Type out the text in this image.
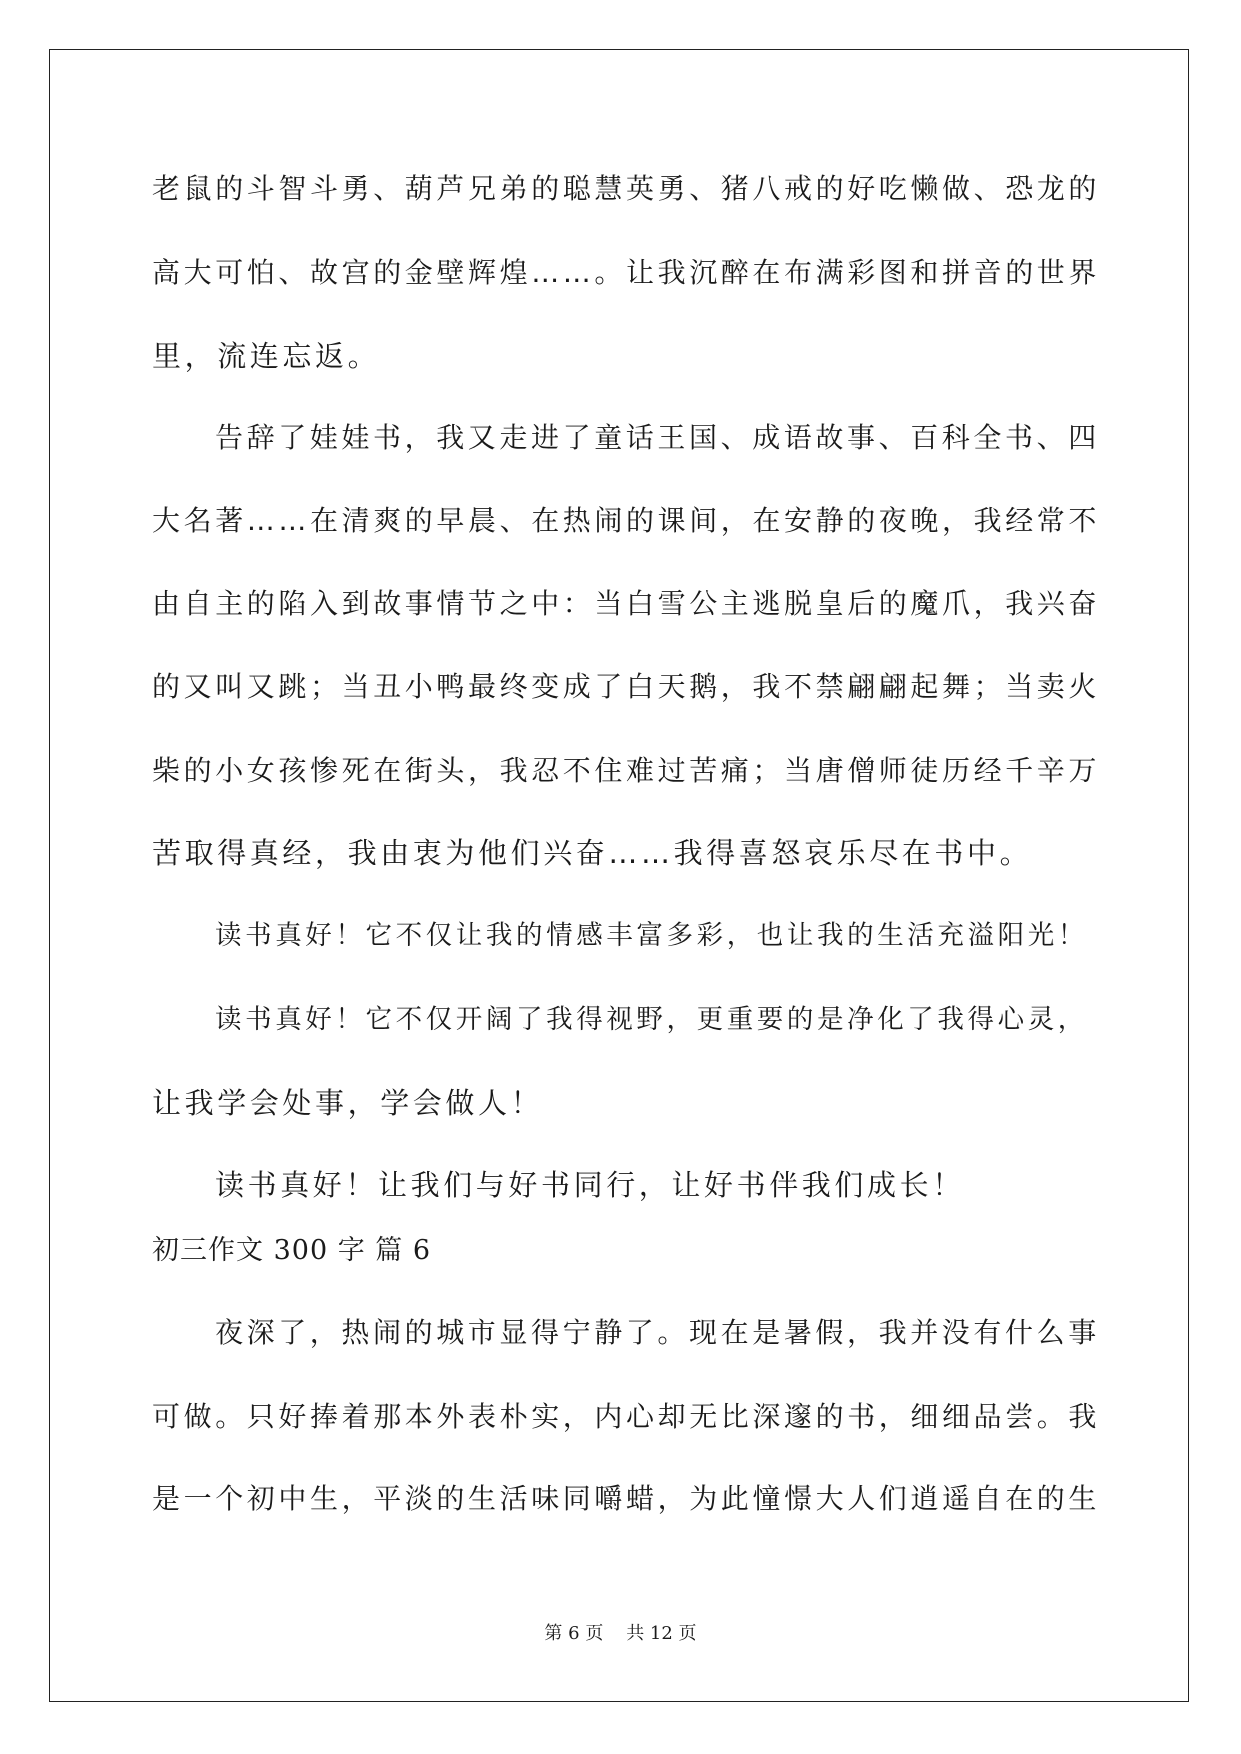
老鼠的斗智斗勇、葫芦兄弟的聪慧英勇、猪八戒的好吃懒做、恐龙的
高大可怕、故宫的金壁辉煌……。让我沉醉在布满彩图和拼音的世界
里，流连忘返。
告辞了娃娃书，我又走进了童话王国、成语故事、百科全书、四
大名著……在清爽的早晨、在热闹的课间，在安静的夜晚，我经常不
由自主的陷入到故事情节之中：当白雪公主逃脱皇后的魔爪，我兴奋
的又叫又跳；当丑小鸭最终变成了白天鹅，我不禁翩翩起舞；当卖火
柴的小女孩惨死在街头，我忍不住难过苦痛；当唐僧师徒历经千辛万
苦取得真经，我由衷为他们兴奋……我得喜怒哀乐尽在书中。
读书真好！它不仅让我的情感丰富多彩，也让我的生活充溢阳光！
读书真好！它不仅开阔了我得视野，更重要的是净化了我得心灵，
让我学会处事，学会做人！
读书真好！让我们与好书同行，让好书伴我们成长！
初三作文 300 字 篇 6
夜深了，热闹的城市显得宁静了。现在是暑假，我并没有什么事
可做。只好捧着那本外表朴实，内心却无比深邃的书，细细品尝。我
是一个初中生，平淡的生活味同嚼蜡，为此憧憬大人们逍遥自在的生
第 6 页    共 12 页
